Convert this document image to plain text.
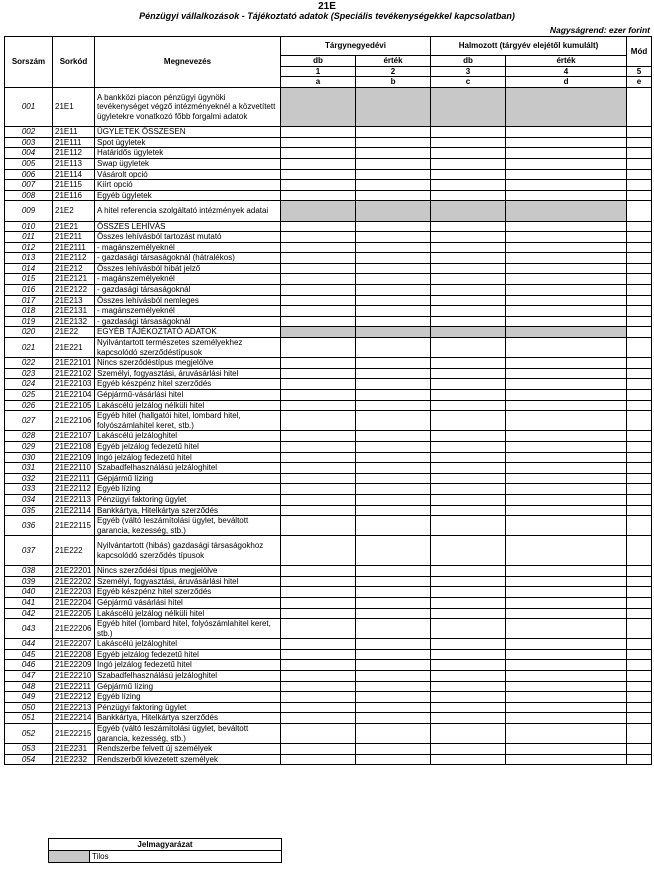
21E
Pénzügyi vállalkozások - Tájékoztató adatok (Speciális tevékenységekkel kapcsolatban)
Nagyságrend: ezer forint
Sorszám	Sorkód	Megnevezés	Tárgynegyedévi		Halmozott (tárgyév elejétől kumulált)		Mód
			db	érték	db	érték	
			1	2	3	4	5
			a	b	c	d	e
001	21E1	A bankközi piacon pénzügyi ügynöki tevékenységet végző intézményeknél a közvetített ügyletekre vonatkozó főbb forgalmi adatok					
002	21E11	ÜGYLETEK ÖSSZESEN					
003	21E111	Spot ügyletek					
004	21E112	Határidős ügyletek					
005	21E113	Swap ügyletek					
006	21E114	Vásárolt opció					
007	21E115	Kiírt opció					
008	21E116	Egyéb ügyletek					
009	21E2	A hitel referencia szolgáltató intézmények adatai					
010	21E21	ÖSSZES LEHÍVÁS					
011	21E211	Összes lehívásból tartozást mutató					
012	21E2111	- magánszemélyeknél					
013	21E2112	- gazdasági társaságoknál (hátralékos)					
014	21E212	Összes lehívásból hibát jelző					
015	21E2121	- magánszemélyeknél					
016	21E2122	- gazdasági társaságoknál					
017	21E213	Összes lehívásból nemleges					
018	21E2131	- magánszemélyeknél					
019	21E2132	- gazdasági társaságoknál					
020	21E22	EGYÉB TÁJÉKOZTATÓ ADATOK					
021	21E221	Nyilvántartott természetes személyekhez kapcsolódó szerződéstípusok					
022	21E22101	Nincs szerződéstípus megjelölve					
023	21E22102	Személyi, fogyasztási, áruvásárlási hitel					
024	21E22103	Egyéb készpénz hitel szerződés					
025	21E22104	Gépjármű-vásárlási hitel					
026	21E22105	Lakáscélú jelzálog nélküli hitel					
027	21E22106	Egyéb hitel (hallgatói hitel, lombard hitel, folyószámlahitel keret, stb.)					
028	21E22107	Lakáscélú jelzáloghitel					
029	21E22108	Egyéb jelzálog fedezetű hitel					
030	21E22109	Ingó jelzálog fedezetű hitel					
031	21E22110	Szabadfelhasználású jelzáloghitel					
032	21E22111	Gépjármű lízing					
033	21E22112	Egyéb lízing					
034	21E22113	Pénzügyi faktoring ügylet					
035	21E22114	Bankkártya, Hitelkártya szerződés					
036	21E22115	Egyéb (váltó leszámítolási ügylet, beváltott garancia, kezesség, stb.)					
037	21E222	Nyilvántartott (hibás) gazdasági társaságokhoz kapcsolódó szerződés típusok					
038	21E22201	Nincs szerződési típus megjelölve					
039	21E22202	Személyi, fogyasztási, áruvásárlási hitel					
040	21E22203	Egyéb készpénz hitel szerződés					
041	21E22204	Gépjármű vásárlási hitel					
042	21E22205	Lakáscélú jelzálog nélküli hitel					
043	21E22206	Egyéb hitel (lombard hitel, folyószámlahitel keret, stb.)					
044	21E22207	Lakáscélú jelzáloghitel					
045	21E22208	Egyéb jelzálog fedezetű hitel					
046	21E22209	Ingó jelzálog fedezetű hitel					
047	21E22210	Szabadfelhasználású jelzáloghitel					
048	21E22211	Gépjármű lízing					
049	21E22212	Egyéb lízing					
050	21E22213	Pénzügyi faktoring ügylet					
051	21E22214	Bankkártya, Hitelkártya szerződés					
052	21E22215	Egyéb (váltó leszámítolási ügylet, beváltott garancia, kezesség, stb.)					
053	21E2231	Rendszerbe felvett új személyek					
054	21E2232	Rendszerből kivezetett személyek					
Jelmagyarázat
	Tilos
